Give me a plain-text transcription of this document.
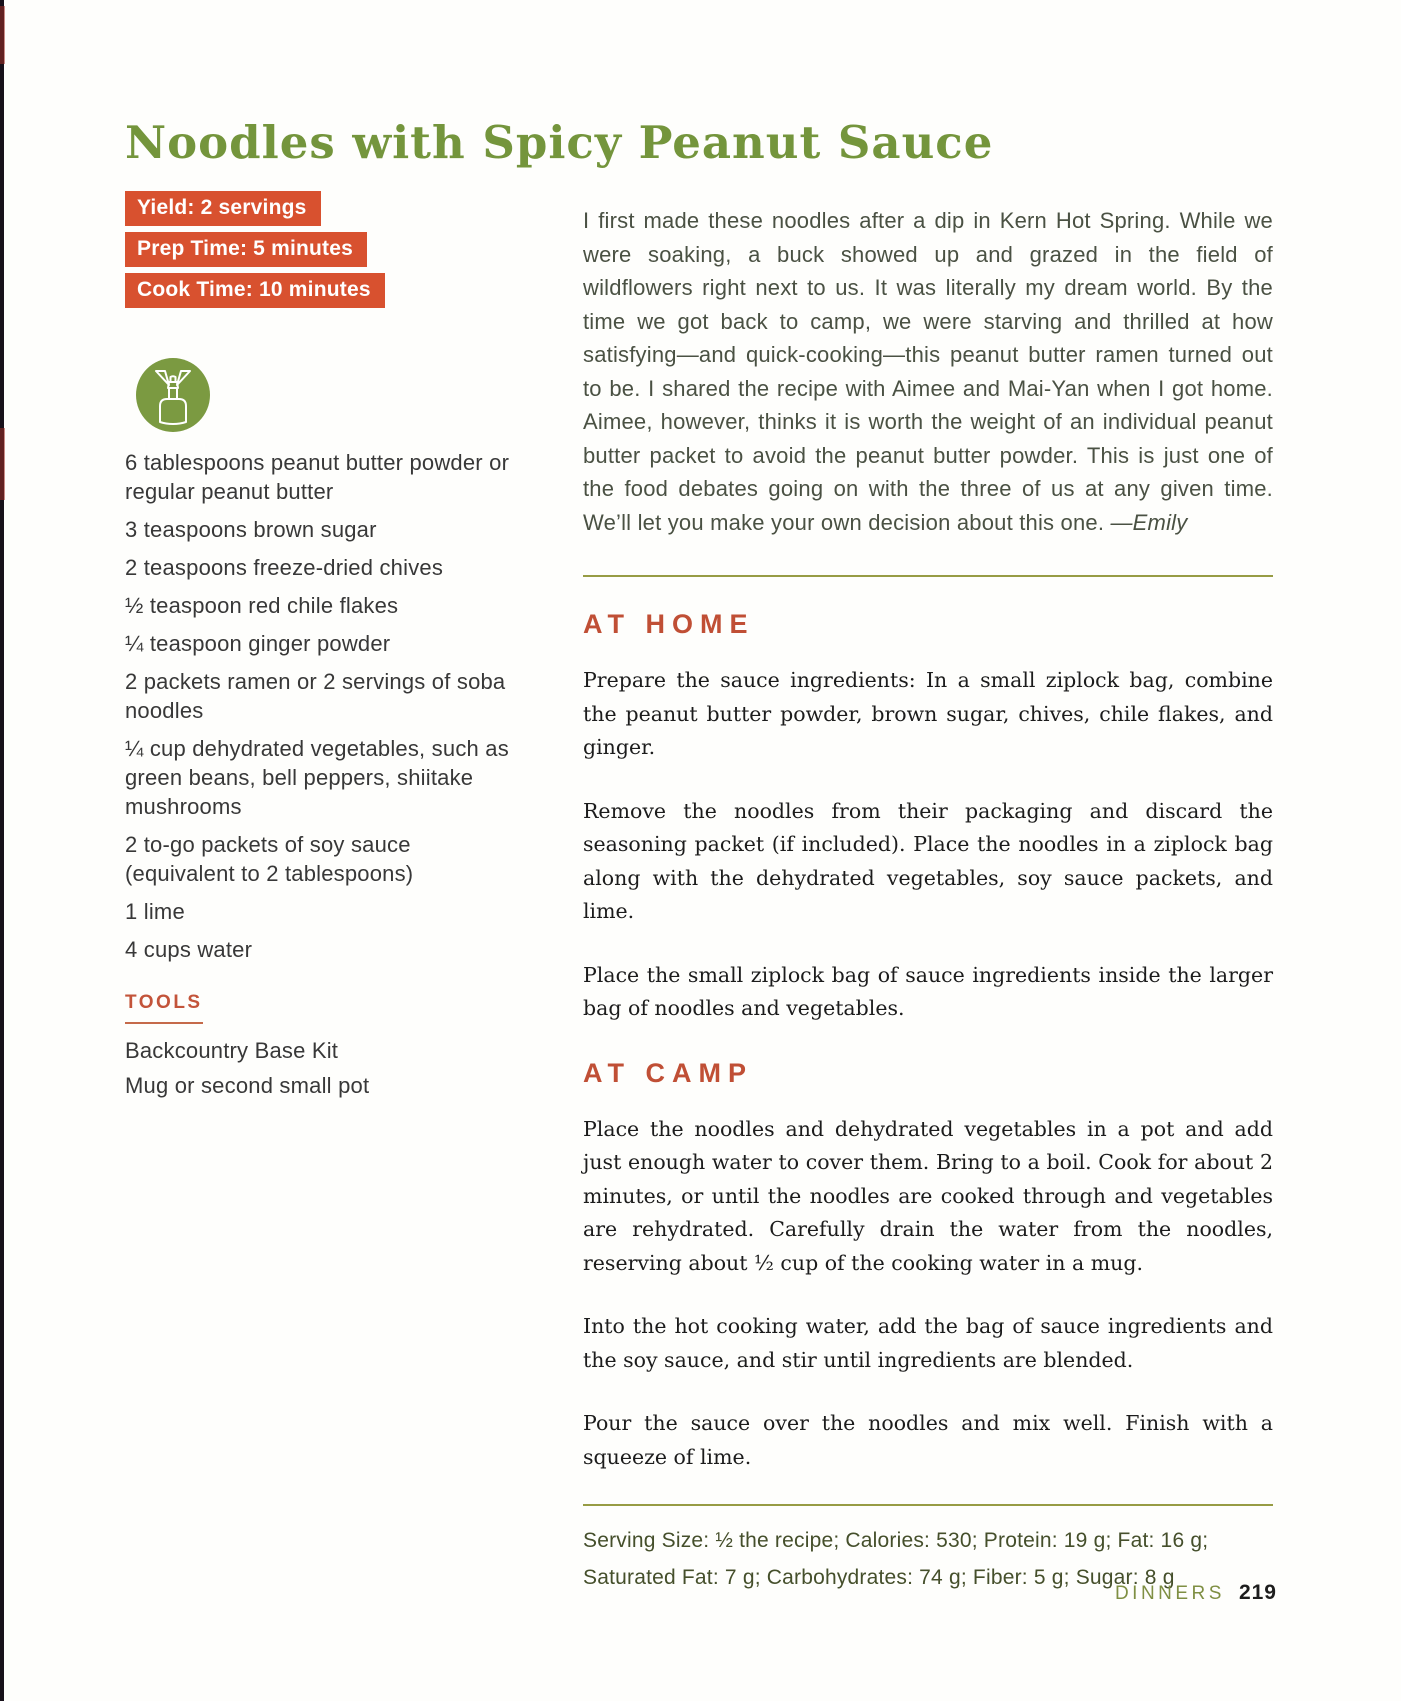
Noodles with Spicy Peanut Sauce
Yield: 2 servings
Prep Time: 5 minutes
Cook Time: 10 minutes
6 tablespoons peanut butter powder or regular peanut butter
3 teaspoons brown sugar
2 teaspoons freeze-dried chives
½ teaspoon red chile flakes
¼ teaspoon ginger powder
2 packets ramen or 2 servings of soba noodles
¼ cup dehydrated vegetables, such as green beans, bell peppers, shiitake mushrooms
2 to-go packets of soy sauce (equivalent to 2 tablespoons)
1 lime
4 cups water
TOOLS
Backcountry Base Kit
Mug or second small pot

I first made these noodles after a dip in Kern Hot Spring. While we were soaking, a buck showed up and grazed in the field of wildflowers right next to us. It was literally my dream world. By the time we got back to camp, we were starving and thrilled at how satisfying—and quick-cooking—this peanut butter ramen turned out to be. I shared the recipe with Aimee and Mai-Yan when I got home. Aimee, however, thinks it is worth the weight of an individual peanut butter packet to avoid the peanut butter powder. This is just one of the food debates going on with the three of us at any given time. We’ll let you make your own decision about this one. —Emily

AT HOME

Prepare the sauce ingredients: In a small ziplock bag, combine the peanut butter powder, brown sugar, chives, chile flakes, and ginger.

Remove the noodles from their packaging and discard the seasoning packet (if included). Place the noodles in a ziplock bag along with the dehydrated vegetables, soy sauce packets, and lime.

Place the small ziplock bag of sauce ingredients inside the larger bag of noodles and vegetables.

AT CAMP

Place the noodles and dehydrated vegetables in a pot and add just enough water to cover them. Bring to a boil. Cook for about 2 minutes, or until the noodles are cooked through and vegetables are rehydrated. Carefully drain the water from the noodles, reserving about ½ cup of the cooking water in a mug.

Into the hot cooking water, add the bag of sauce ingredients and the soy sauce, and stir until ingredients are blended.

Pour the sauce over the noodles and mix well. Finish with a squeeze of lime.

Serving Size: ½ the recipe; Calories: 530; Protein: 19 g; Fat: 16 g; Saturated Fat: 7 g; Carbohydrates: 74 g; Fiber: 5 g; Sugar: 8 g

DINNERS 219
